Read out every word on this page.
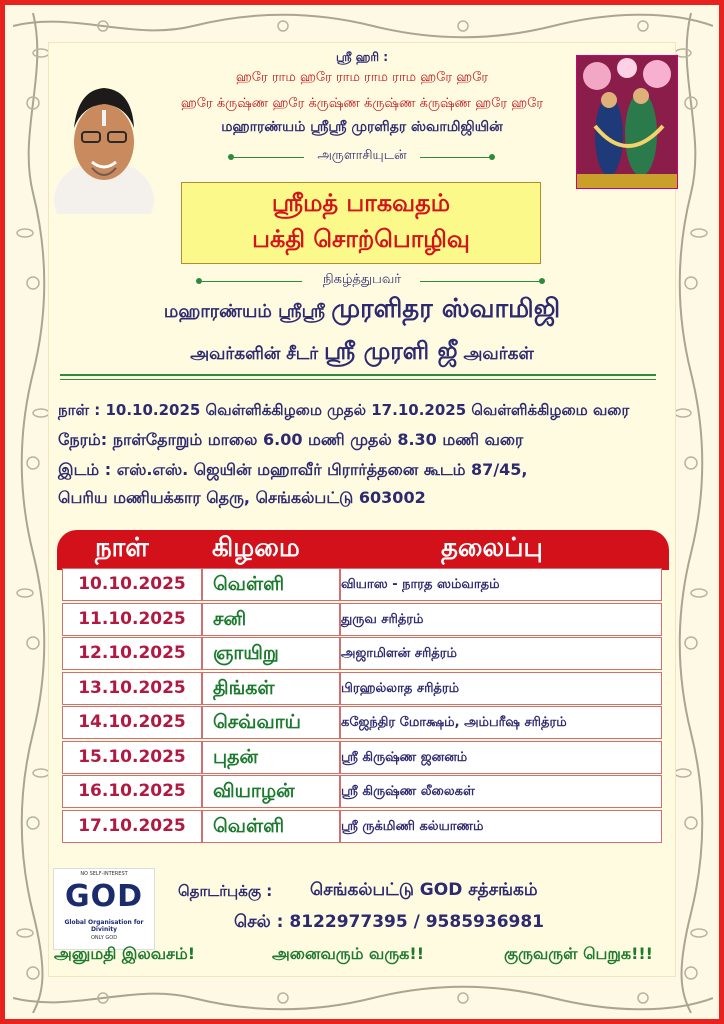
ஸ்ரீ ஹரி :
ஹரே ராம ஹரே ராம ராம ராம ஹரே ஹரே
ஹரே க்ருஷ்ண ஹரே க்ருஷ்ண க்ருஷ்ண க்ருஷ்ண ஹரே ஹரே
மஹாரண்யம் ஸ்ரீஸ்ரீ முரளிதர ஸ்வாமிஜியின்
அருளாசியுடன்
ஸ்ரீமத் பாகவதம்
பக்தி சொற்பொழிவு
நிகழ்த்துபவர்
மஹாரண்யம் ஸ்ரீஸ்ரீ முரளிதர ஸ்வாமிஜி
அவர்களின் சீடர் ஸ்ரீ முரளி ஜீ அவர்கள்
நாள் : 10.10.2025 வெள்ளிக்கிழமை முதல் 17.10.2025 வெள்ளிக்கிழமை வரை
நேரம்: நாள்தோறும் மாலை 6.00 மணி முதல் 8.30 மணி வரை
இடம் : எஸ்.எஸ். ஜெயின் மஹாவீர் பிரார்த்தனை கூடம் 87/45,
பெரிய மணியக்கார தெரு, செங்கல்பட்டு 603002
நாள் கிழமை	தலைப்பு
10.10.2025	வெள்ளி	வியாஸ - நாரத ஸம்வாதம்
11.10.2025	சனி	துருவ சரித்ரம்
12.10.2025	ஞாயிறு	அஜாமிளன் சரித்ரம்
13.10.2025	திங்கள்	பிரஹல்லாத சரித்ரம்
14.10.2025	செவ்வாய்	கஜேந்திர மோக்ஷம், அம்பரீஷ சரித்ரம்
15.10.2025	புதன்	ஸ்ரீ கிருஷ்ண ஜனனம்
16.10.2025	வியாழன்	ஸ்ரீ கிருஷ்ண லீலைகள்
17.10.2025	வெள்ளி	ஸ்ரீ ருக்மிணி கல்யாணம்
NO SELF-INTEREST
GOD
Global Organisation for Divinity
ONLY GOD
தொடர்புக்கு : செங்கல்பட்டு GOD சத்சங்கம்
செல் : 8122977395 / 9585936981
அனுமதி இலவசம்!	அனைவரும் வருக!!	குருவருள் பெறுக!!!
